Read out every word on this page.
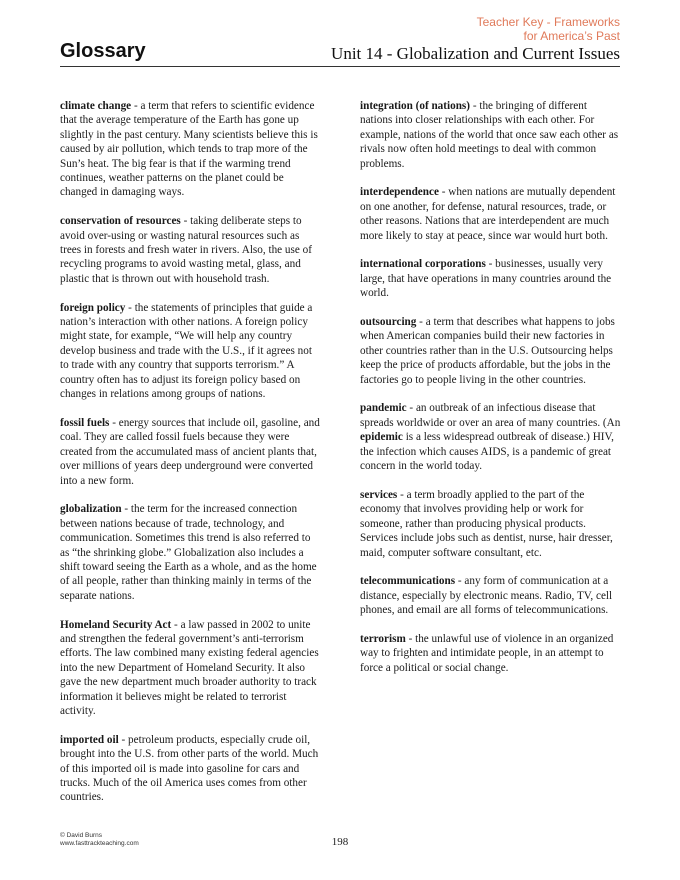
Teacher Key - Frameworks
for America’s Past
Glossary	Unit 14 - Globalization and Current Issues

climate change - a term that refers to scientific evidence that the average temperature of the Earth has gone up slightly in the past century. Many scientists believe this is caused by air pollution, which tends to trap more of the Sun’s heat. The big fear is that if the warming trend continues, weather patterns on the planet could be changed in damaging ways.

conservation of resources - taking deliberate steps to avoid over-using or wasting natural resources such as trees in forests and fresh water in rivers. Also, the use of recycling programs to avoid wasting metal, glass, and plastic that is thrown out with household trash.

foreign policy - the statements of principles that guide a nation’s interaction with other nations. A foreign policy might state, for example, “We will help any country develop business and trade with the U.S., if it agrees not to trade with any country that supports terrorism.” A country often has to adjust its foreign policy based on changes in relations among groups of nations.

fossil fuels - energy sources that include oil, gasoline, and coal. They are called fossil fuels because they were created from the accumulated mass of ancient plants that, over millions of years deep underground were converted into a new form.

globalization - the term for the increased connection between nations because of trade, technology, and communication. Sometimes this trend is also referred to as “the shrinking globe.” Globalization also includes a shift toward seeing the Earth as a whole, and as the home of all people, rather than thinking mainly in terms of the separate nations.

Homeland Security Act - a law passed in 2002 to unite and strengthen the federal government’s anti-terrorism efforts. The law combined many existing federal agencies into the new Department of Homeland Security. It also gave the new department much broader authority to track information it believes might be related to terrorist activity.

imported oil - petroleum products, especially crude oil, brought into the U.S. from other parts of the world. Much of this imported oil is made into gasoline for cars and trucks. Much of the oil America uses comes from other countries.

integration (of nations) - the bringing of different nations into closer relationships with each other. For example, nations of the world that once saw each other as rivals now often hold meetings to deal with common problems.

interdependence - when nations are mutually dependent on one another, for defense, natural resources, trade, or other reasons. Nations that are interdependent are much more likely to stay at peace, since war would hurt both.

international corporations - businesses, usually very large, that have operations in many countries around the world.

outsourcing - a term that describes what happens to jobs when American companies build their new factories in other countries rather than in the U.S. Outsourcing helps keep the price of products affordable, but the jobs in the factories go to people living in the other countries.

pandemic - an outbreak of an infectious disease that spreads worldwide or over an area of many countries. (An epidemic is a less widespread outbreak of disease.) HIV, the infection which causes AIDS, is a pandemic of great concern in the world today.

services - a term broadly applied to the part of the economy that involves providing help or work for someone, rather than producing physical products. Services include jobs such as dentist, nurse, hair dresser, maid, computer software consultant, etc.

telecommunications - any form of communication at a distance, especially by electronic means. Radio, TV, cell phones, and email are all forms of telecommunications.

terrorism - the unlawful use of violence in an organized way to frighten and intimidate people, in an attempt to force a political or social change.

© David Burns
www.fasttrackteaching.com	198
